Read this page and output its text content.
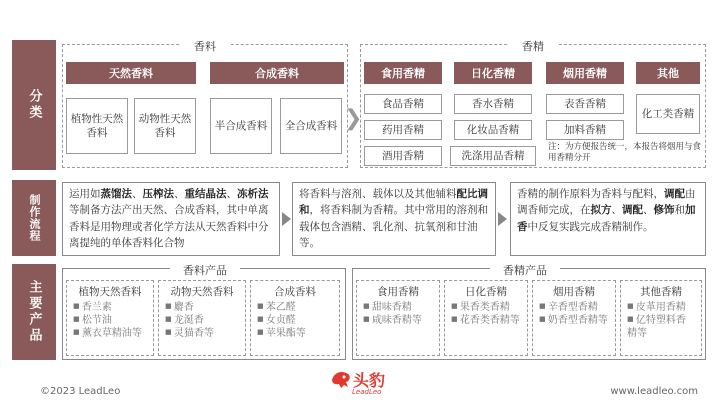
分类
制作流程
主要产品
香料
天然香料	合成香料
植物性天然香料
动物性天然香料
半合成香料	全合成香料 ❯
香精
食用香精	日化香精	烟用香精	其他
食品香精
药用香精
酒用香精
香水香精
化妆品香精
洗涤用品香精
表香香精
加料香精
化工类香精
注：为方便报告统一，本报告将烟用与食用香精分开
运用如蒸馏法、压榨法、重结晶法、冻析法等制备方法产出天然、合成香料，其中单离香料是用物理或者化学方法从天然香料中分离提纯的单体香料化合物
将香料与溶剂、载体以及其他辅料配比调和，将香料制为香精。其中常用的溶剂和载体包含酒精、乳化剂、抗氧剂和甘油等。
香精的制作原料为香料与配料，调配由调香师完成，在拟方、调配、修饰和加香中反复实践完成香精制作。
香料产品	香精产品
植物天然香料
■ 香兰素
■ 松节油
■ 薰衣草精油等
动物天然香料
■ 麝香
■ 龙涎香
■ 灵猫香等
合成香料
■ 苯乙醛
■ 女贞醛
■ 苹果酯等
食用香精
■ 甜味香精
■ 咸味香精等
日化香精
■ 果香类香精
■ 花香类香精等
烟用香精
■ 辛香型香精
■ 奶香型香精等
其他香精
■ 皮革用香精
■ 亿特塑料香精等
©2023 LeadLeo
头豹
LeadLeo	www.leadleo.com
